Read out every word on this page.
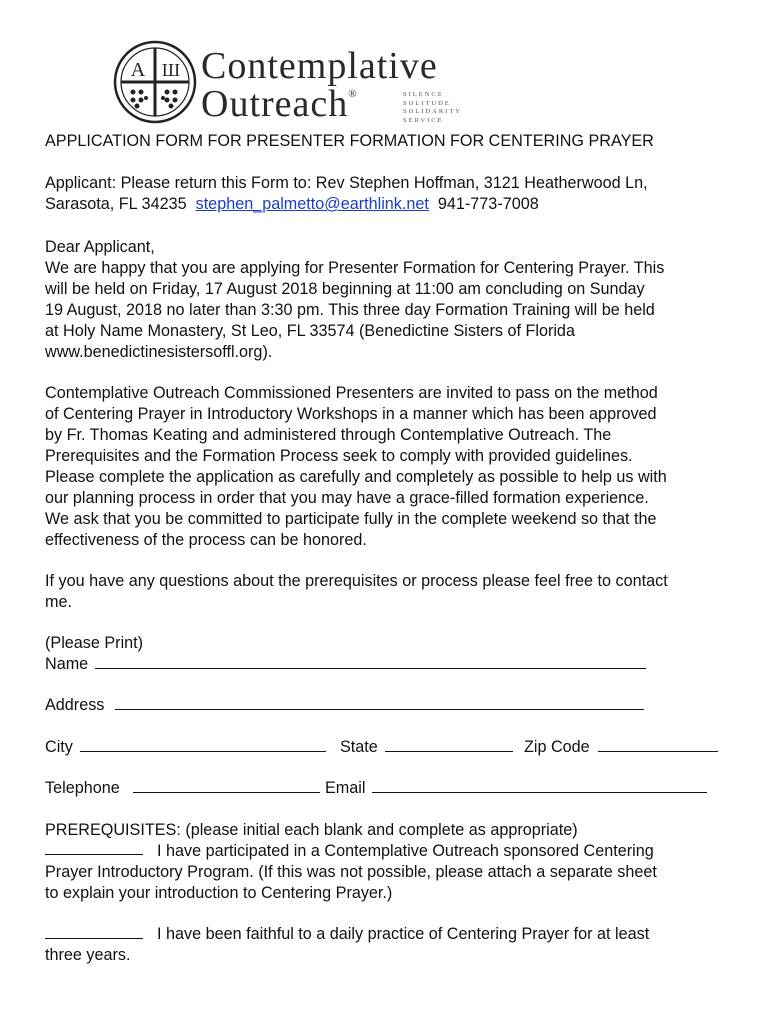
A Ш Contemplative
Outreach®	SILENCE
SOLITUDE
SOLIDARITY
SERVICE
APPLICATION FORM FOR PRESENTER FORMATION FOR CENTERING PRAYER
Applicant: Please return this Form to: Rev Stephen Hoffman, 3121 Heatherwood Ln,
Sarasota, FL 34235 stephen_palmetto@earthlink.net 941-773-7008
Dear Applicant,
We are happy that you are applying for Presenter Formation for Centering Prayer. This
will be held on Friday, 17 August 2018 beginning at 11:00 am concluding on Sunday
19 August, 2018 no later than 3:30 pm. This three day Formation Training will be held
at Holy Name Monastery, St Leo, FL 33574 (Benedictine Sisters of Florida
www.benedictinesistersoffl.org).
Contemplative Outreach Commissioned Presenters are invited to pass on the method
of Centering Prayer in Introductory Workshops in a manner which has been approved
by Fr. Thomas Keating and administered through Contemplative Outreach. The
Prerequisites and the Formation Process seek to comply with provided guidelines.
Please complete the application as carefully and completely as possible to help us with
our planning process in order that you may have a grace-filled formation experience.
We ask that you be committed to participate fully in the complete weekend so that the
effectiveness of the process can be honored.
If you have any questions about the prerequisites or process please feel free to contact
me.
(Please Print)
Name
Address
City	State	Zip Code
Telephone	Email
PREREQUISITES: (please initial each blank and complete as appropriate)
I have participated in a Contemplative Outreach sponsored Centering
Prayer Introductory Program. (If this was not possible, please attach a separate sheet
to explain your introduction to Centering Prayer.)
I have been faithful to a daily practice of Centering Prayer for at least
three years.
